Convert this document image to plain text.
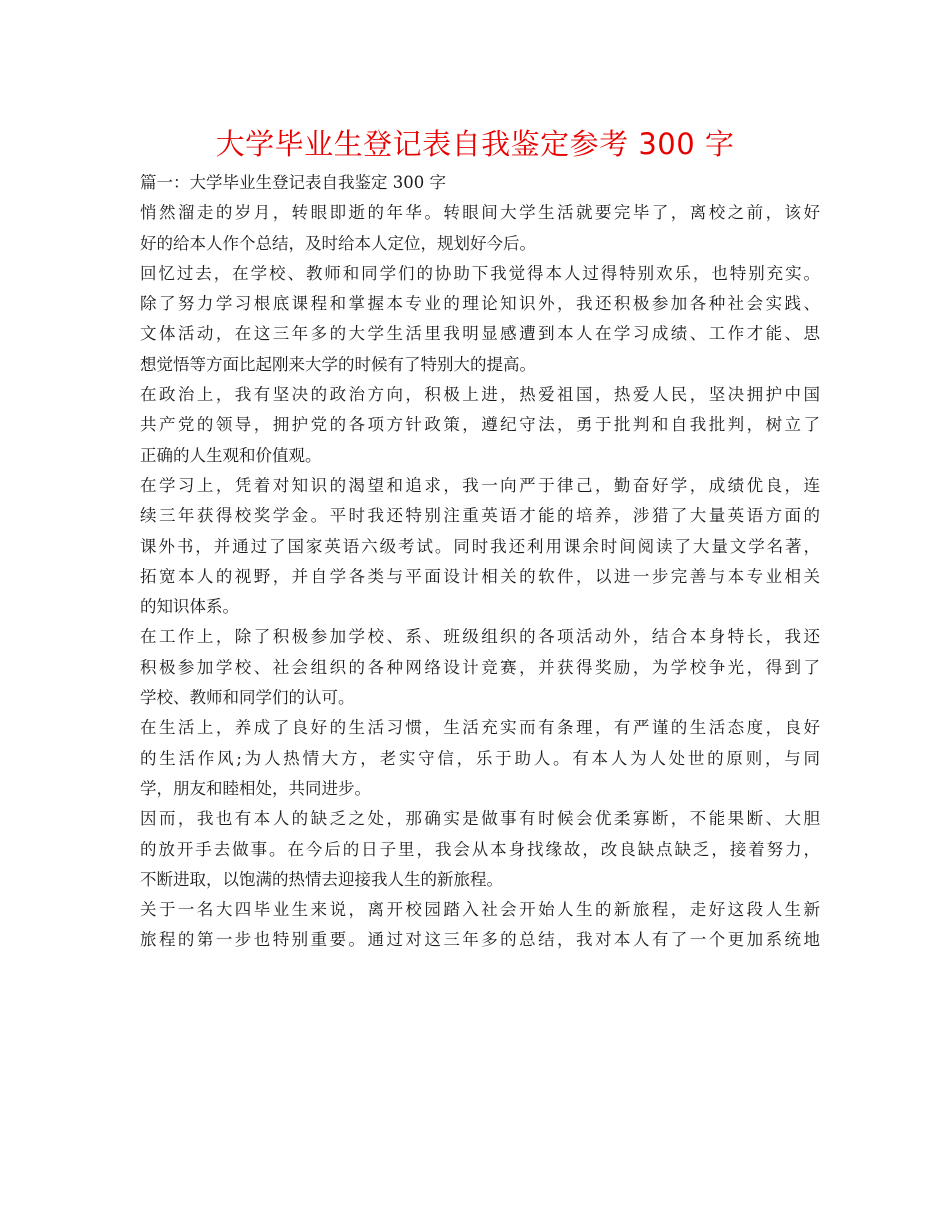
大学毕业生登记表自我鉴定参考 300 字

篇一：大学毕业生登记表自我鉴定 300 字

悄然溜走的岁月，转眼即逝的年华。转眼间大学生活就要完毕了，离校之前，该好

好的给本人作个总结，及时给本人定位，规划好今后。

回忆过去，在学校、教师和同学们的协助下我觉得本人过得特别欢乐，也特别充实。

除了努力学习根底课程和掌握本专业的理论知识外，我还积极参加各种社会实践、

文体活动，在这三年多的大学生活里我明显感遭到本人在学习成绩、工作才能、思

想觉悟等方面比起刚来大学的时候有了特别大的提高。

在政治上，我有坚决的政治方向，积极上进，热爱祖国，热爱人民，坚决拥护中国

共产党的领导，拥护党的各项方针政策，遵纪守法，勇于批判和自我批判，树立了

正确的人生观和价值观。

在学习上，凭着对知识的渴望和追求，我一向严于律己，勤奋好学，成绩优良，连

续三年获得校奖学金。平时我还特别注重英语才能的培养，涉猎了大量英语方面的

课外书，并通过了国家英语六级考试。同时我还利用课余时间阅读了大量文学名著，

拓宽本人的视野，并自学各类与平面设计相关的软件，以进一步完善与本专业相关

的知识体系。

在工作上，除了积极参加学校、系、班级组织的各项活动外，结合本身特长，我还

积极参加学校、社会组织的各种网络设计竞赛，并获得奖励，为学校争光，得到了

学校、教师和同学们的认可。

在生活上，养成了良好的生活习惯，生活充实而有条理，有严谨的生活态度，良好

的生活作风;为人热情大方，老实守信，乐于助人。有本人为人处世的原则，与同

学，朋友和睦相处，共同进步。

因而，我也有本人的缺乏之处，那确实是做事有时候会优柔寡断，不能果断、大胆

的放开手去做事。在今后的日子里，我会从本身找缘故，改良缺点缺乏，接着努力，

不断进取，以饱满的热情去迎接我人生的新旅程。

关于一名大四毕业生来说，离开校园踏入社会开始人生的新旅程，走好这段人生新

旅程的第一步也特别重要。通过对这三年多的总结，我对本人有了一个更加系统地
